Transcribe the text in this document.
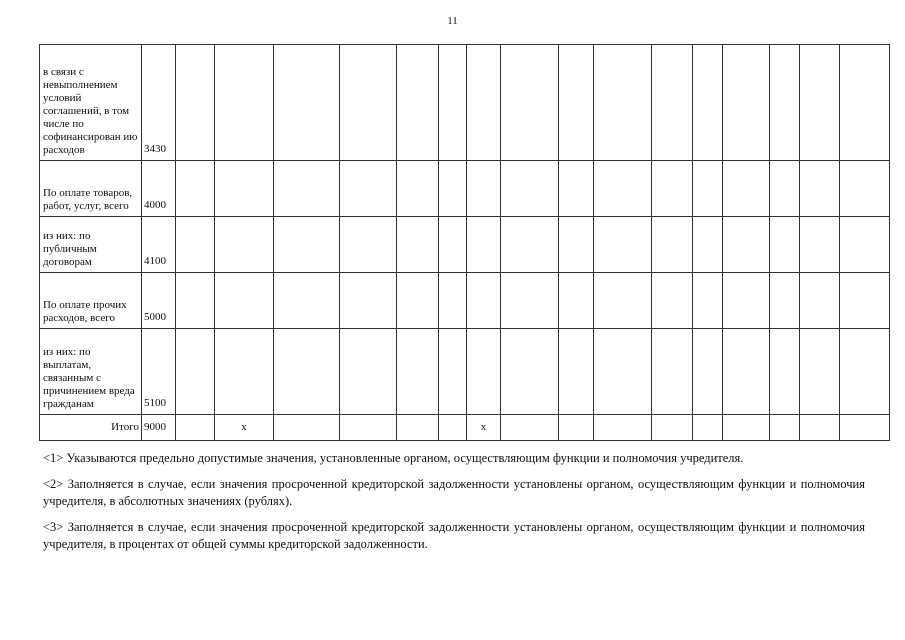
11
в связи с невыполнением условий соглашений, в том числе по софинансирован ию расходов	3430																
По оплате товаров, работ, услуг, всего	4000																
из них: по публичным договорам	4100																
По оплате прочих расходов, всего	5000																
из них: по выплатам, связанным с причинением вреда гражданам	5100																
Итого	9000		x					x									

<1> Указываются предельно допустимые значения, установленные органом, осуществляющим функции и полномочия учредителя.

<2> Заполняется в случае, если значения просроченной кредиторской задолженности установлены органом, осуществляющим функции и полномочия учредителя, в абсолютных значениях (рублях).

<3> Заполняется в случае, если значения просроченной кредиторской задолженности установлены органом, осуществляющим функции и полномочия учредителя, в процентах от общей суммы кредиторской задолженности.
